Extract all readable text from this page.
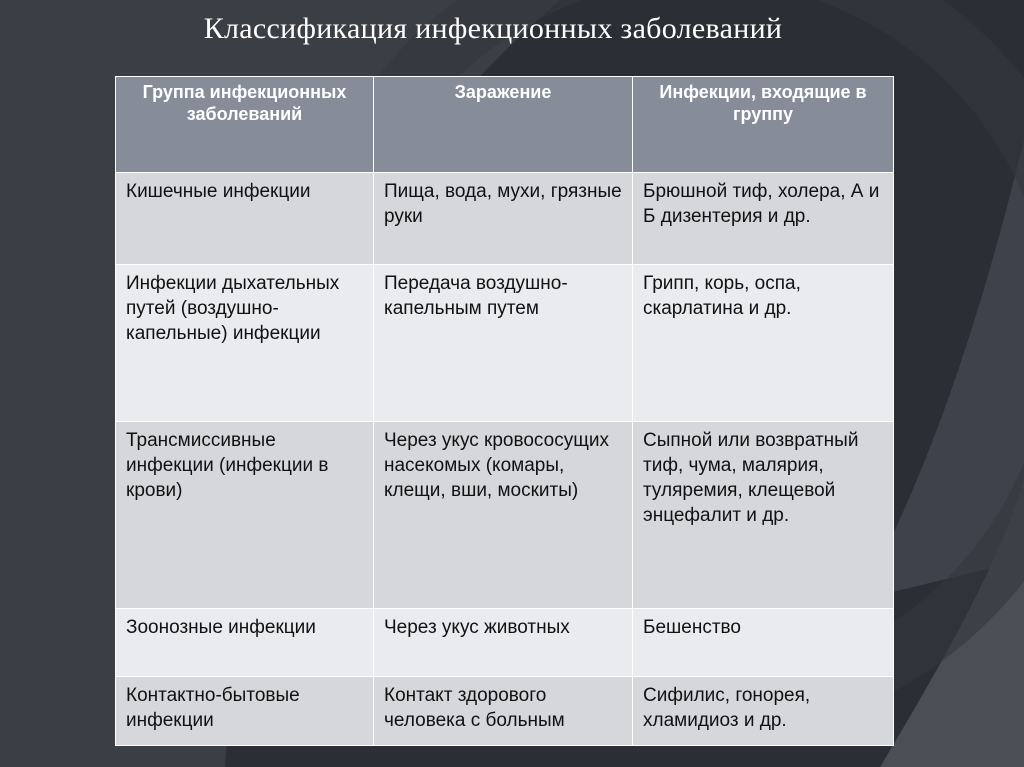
Классификация инфекционных заболеваний
Группа инфекционных заболеваний	Заражение	Инфекции, входящие в группу
Кишечные инфекции	Пища, вода, мухи, грязные руки	Брюшной тиф, холера, А и Б дизентерия и др.
Инфекции дыхательных путей (воздушно-капельные) инфекции	Передача воздушно-капельным путем	Грипп, корь, оспа, скарлатина и др.
Трансмиссивные инфекции (инфекции в крови)	Через укус кровососущих насекомых (комары, клещи, вши, москиты)	Сыпной или возвратный тиф, чума, малярия, туляремия, клещевой энцефалит и др.
Зоонозные инфекции	Через укус животных	Бешенство
Контактно-бытовые инфекции	Контакт здорового человека с больным	Сифилис, гонорея, хламидиоз и др.
